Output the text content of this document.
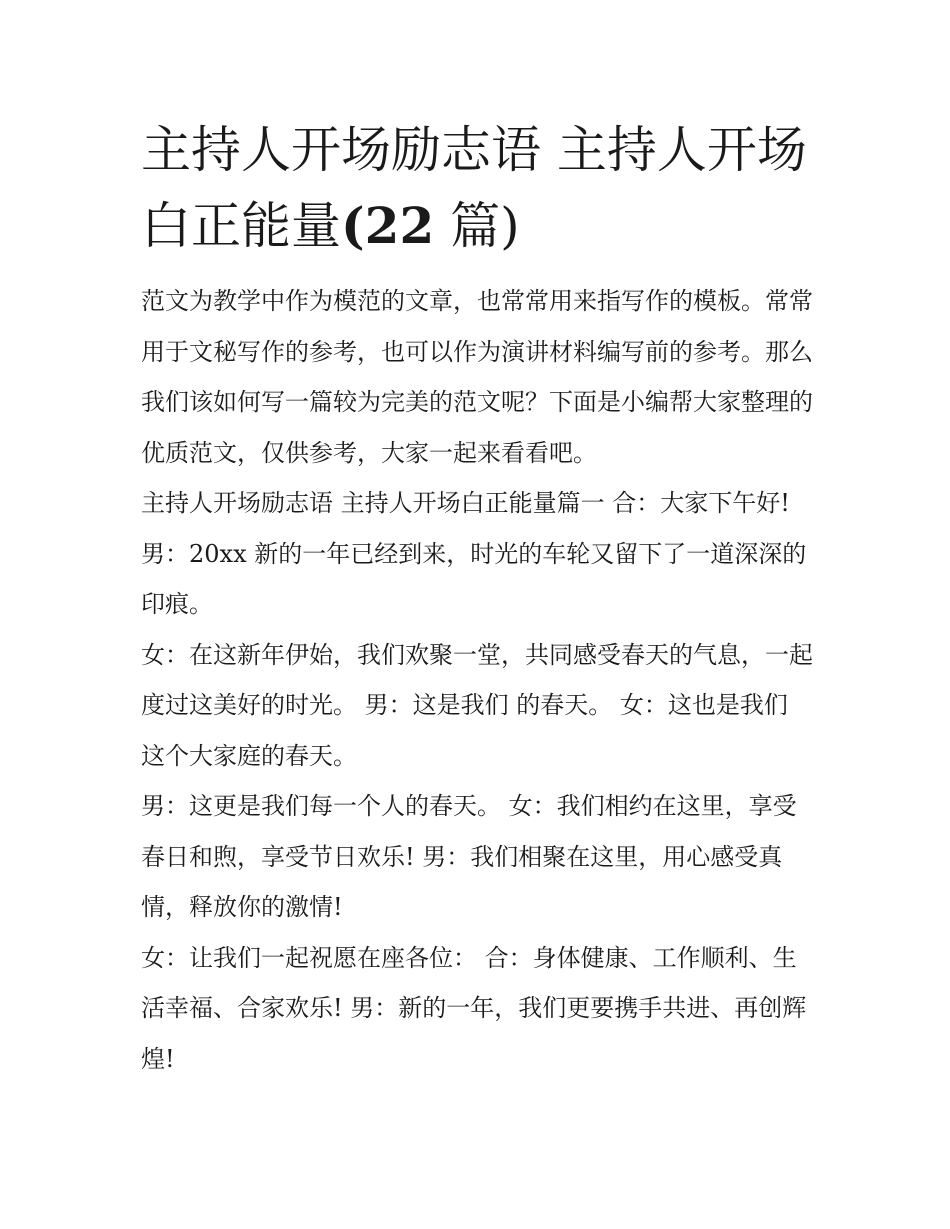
主持人开场励志语 主持人开场白正能量(22 篇)

范文为教学中作为模范的文章，也常常用来指写作的模板。常常用于文秘写作的参考，也可以作为演讲材料编写前的参考。那么我们该如何写一篇较为完美的范文呢？下面是小编帮大家整理的优质范文，仅供参考，大家一起来看看吧。

主持人开场励志语 主持人开场白正能量篇一 合：大家下午好! 男：20xx 新的一年已经到来，时光的车轮又留下了一道深深的印痕。

女：在这新年伊始，我们欢聚一堂，共同感受春天的气息，一起度过这美好的时光。 男：这是我们 的春天。 女：这也是我们 这个大家庭的春天。

男：这更是我们每一个人的春天。 女：我们相约在这里，享受春日和煦，享受节日欢乐! 男：我们相聚在这里，用心感受真情，释放你的激情!

女：让我们一起祝愿在座各位： 合：身体健康、工作顺利、生活幸福、合家欢乐! 男：新的一年，我们更要携手共进、再创辉煌!
